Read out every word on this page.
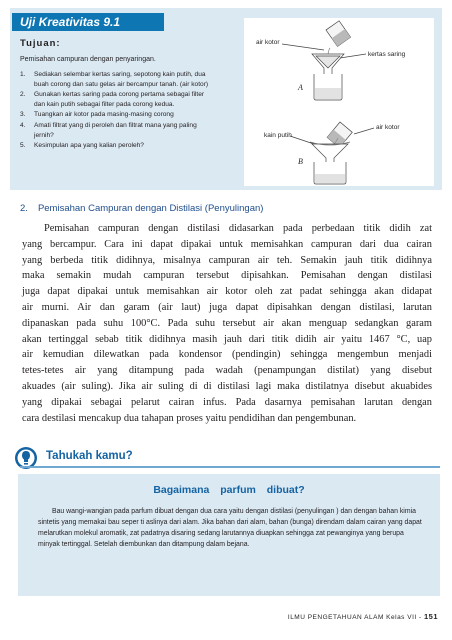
Uji Kreativitas 9.1
Tujuan:
Pemisahan campuran dengan penyaringan.
1. Sediakan selembar kertas saring, sepotong kain putih, dua
buah corong dan satu gelas air bercampur tanah. (air kotor)
2. Gunakan kertas saring pada corong pertama sebagai filter
dan kain putih sebagai filter pada corong kedua.
3. Tuangkan air kotor pada masing-masing corong
4. Amati filtrat yang di peroleh dan filtrat mana yang paling
jernih?
5. Kesimpulan apa yang kalian peroleh?
air kotor
kertas saring
A
kain putih
air kotor
B
2. Pemisahan Campuran dengan Distilasi (Penyulingan)
Pemisahan campuran dengan distilasi didasarkan pada perbedaan titik didih zat
yang bercampur. Cara ini dapat dipakai untuk memisahkan campuran dari dua cairan
yang berbeda titik didihnya, misalnya campuran air teh. Semakin jauh titik didihnya
maka semakin mudah campuran tersebut dipisahkan. Pemisahan dengan distilasi
juga dapat dipakai untuk memisahkan air kotor oleh zat padat sehingga akan didapat
air murni. Air dan garam (air laut) juga dapat dipisahkan dengan distilasi, larutan
dipanaskan pada suhu 100°C. Pada suhu tersebut air akan menguap sedangkan garam
akan tertinggal sebab titik didihnya masih jauh dari titik didih air yaitu 1467 °C, uap
air kemudian dilewatkan pada kondensor (pendingin) sehingga mengembun menjadi
tetes-tetes air yang ditampung pada wadah (penampungan distilat) yang disebut
akuades (air suling). Jika air suling di di distilasi lagi maka distilatnya disebut akuabides
yang dipakai sebagai pelarut cairan infus. Pada dasarnya pemisahan larutan dengan
cara destilasi mencakup dua tahapan proses yaitu pendidihan dan pengembunan.
Tahukah kamu?
Bagaimana parfum dibuat?
Bau wangi-wangian pada parfum dibuat dengan dua cara yaitu dengan distilasi (penyulingan ) dan dengan bahan kimia
sintetis yang memakai bau seper ti aslinya dari alam. Jika bahan dari alam, bahan (bunga) direndam dalam cairan yang dapat
melarutkan molekul aromatik, zat padatnya disaring sedang larutannya diuapkan sehingga zat pewanginya yang berupa
minyak tertinggal. Setelah diembunkan dan ditampung dalam bejana.
ILMU PENGETAHUAN ALAM Kelas VII - 151
